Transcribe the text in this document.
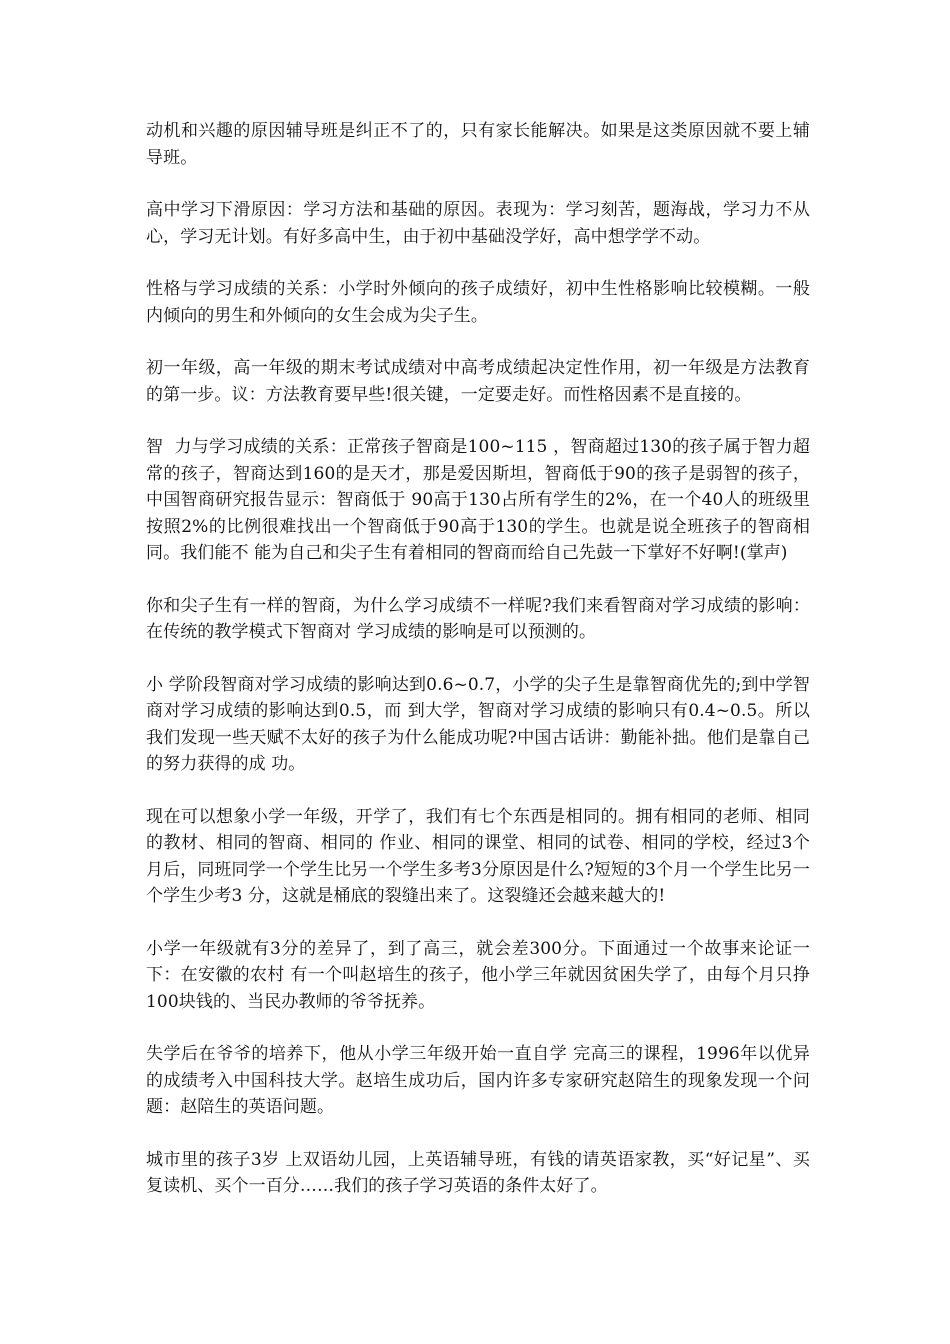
动机和兴趣的原因辅导班是纠正不了的，只有家长能解决。如果是这类原因就不要上辅导班。

高中学习下滑原因：学习方法和基础的原因。表现为：学习刻苦，题海战，学习力不从心，学习无计划。有好多高中生，由于初中基础没学好，高中想学学不动。

性格与学习成绩的关系：小学时外倾向的孩子成绩好，初中生性格影响比较模糊。一般内倾向的男生和外倾向的女生会成为尖子生。

初一年级，高一年级的期末考试成绩对中高考成绩起决定性作用，初一年级是方法教育的第一步。议：方法教育要早些!很关键，一定要走好。而性格因素不是直接的。

智  力与学习成绩的关系：正常孩子智商是100~115 ，智商超过130的孩子属于智力超常的孩子，智商达到160的是天才，那是爱因斯坦，智商低于90的孩子是弱智的孩子，中国智商研究报告显示：智商低于 90高于130占所有学生的2%，在一个40人的班级里按照2%的比例很难找出一个智商低于90高于130的学生。也就是说全班孩子的智商相同。我们能不 能为自己和尖子生有着相同的智商而给自己先鼓一下掌好不好啊!(掌声)

你和尖子生有一样的智商，为什么学习成绩不一样呢?我们来看智商对学习成绩的影响：在传统的教学模式下智商对 学习成绩的影响是可以预测的。

小 学阶段智商对学习成绩的影响达到0.6~0.7，小学的尖子生是靠智商优先的;到中学智商对学习成绩的影响达到0.5，而 到大学，智商对学习成绩的影响只有0.4~0.5。所以我们发现一些天赋不太好的孩子为什么能成功呢?中国古话讲：勤能补拙。他们是靠自己的努力获得的成 功。

现在可以想象小学一年级，开学了，我们有七个东西是相同的。拥有相同的老师、相同的教材、相同的智商、相同的 作业、相同的课堂、相同的试卷、相同的学校，经过3个月后，同班同学一个学生比另一个学生多考3分原因是什么?短短的3个月一个学生比另一个学生少考3 分，这就是桶底的裂缝出来了。这裂缝还会越来越大的!

小学一年级就有3分的差异了，到了高三，就会差300分。下面通过一个故事来论证一下：在安徽的农村 有一个叫赵培生的孩子，他小学三年就因贫困失学了，由每个月只挣100块钱的、当民办教师的爷爷抚养。

失学后在爷爷的培养下，他从小学三年级开始一直自学 完高三的课程，1996年以优异的成绩考入中国科技大学。赵培生成功后，国内许多专家研究赵陪生的现象发现一个问题：赵陪生的英语问题。

城市里的孩子3岁 上双语幼儿园，上英语辅导班，有钱的请英语家教，买“好记星”、买复读机、买个一百分……我们的孩子学习英语的条件太好了。
